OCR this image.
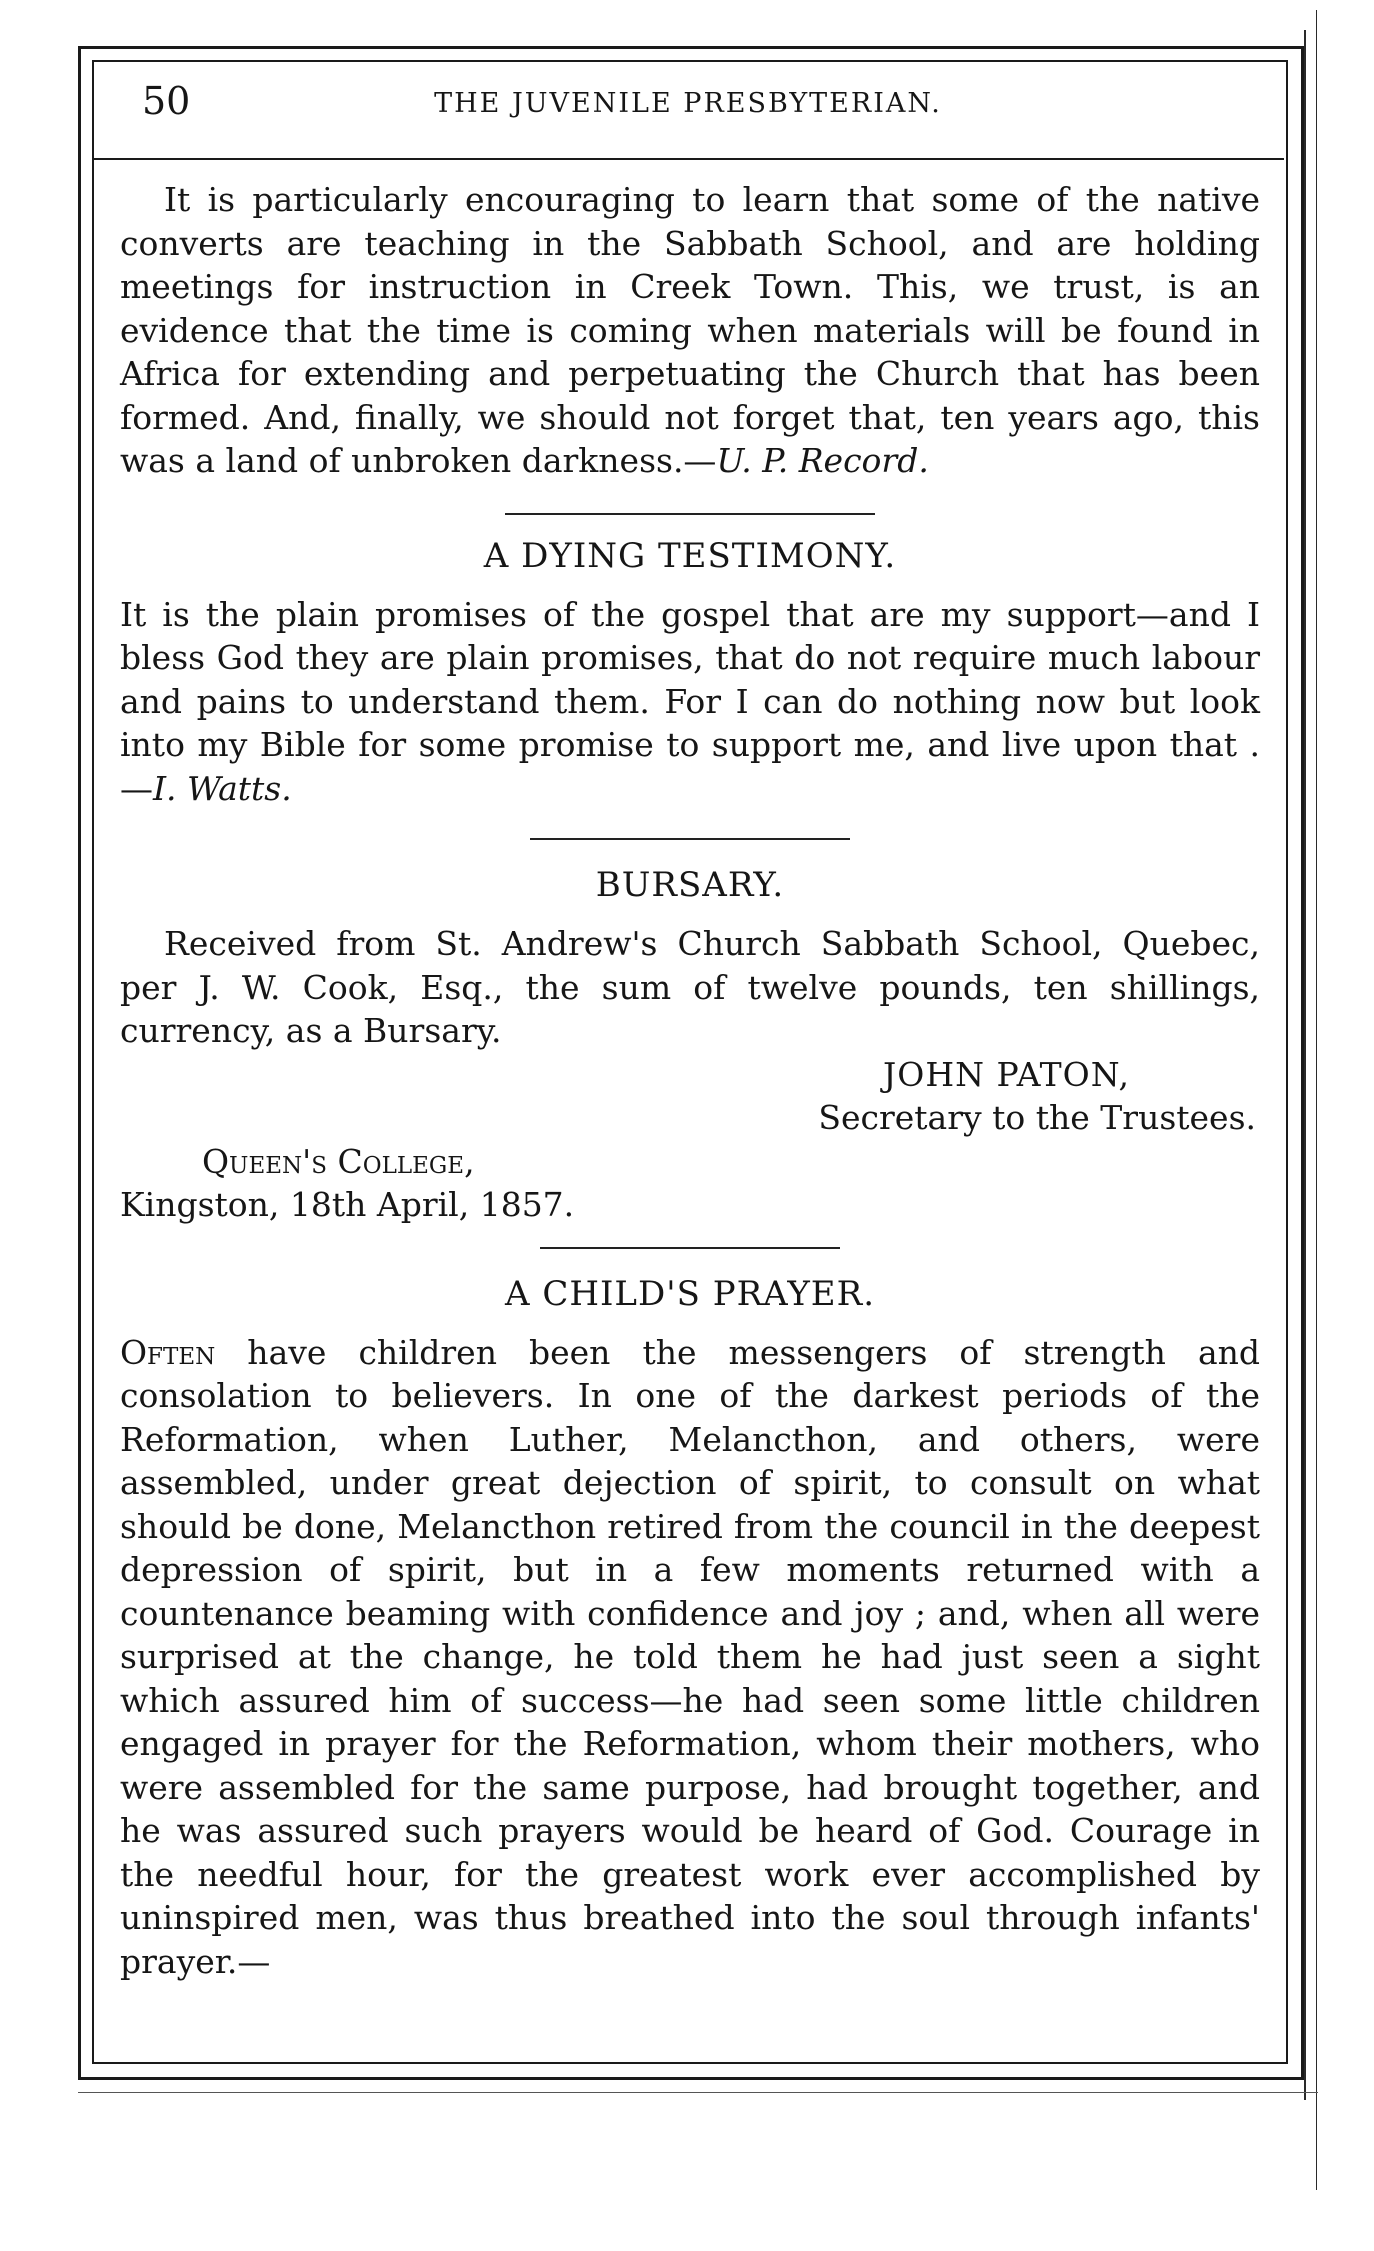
50	THE JUVENILE PRESBYTERIAN.

It is particularly encouraging to learn that some of the native converts are teaching in the Sabbath School, and are holding meetings for instruction in Creek Town. This, we trust, is an evidence that the time is coming when materials will be found in Africa for extending and perpetuating the Church that has been formed. And, finally, we should not forget that, ten years ago, this was a land of unbroken darkness.—U. P. Record.

A DYING TESTIMONY.

It is the plain promises of the gospel that are my support—and I bless God they are plain promises, that do not require much labour and pains to understand them. For I can do nothing now but look into my Bible for some promise to support me, and live upon that .—I. Watts.

BURSARY.

Received from St. Andrew's Church Sabbath School, Quebec, per J. W. Cook, Esq., the sum of twelve pounds, ten shillings, currency, as a Bursary.

JOHN PATON,
Secretary to the Trustees.
Queen's College,
Kingston, 18th April, 1857.

A CHILD'S PRAYER.

Often have children been the messengers of strength and consolation to believers. In one of the darkest periods of the Reformation, when Luther, Melancthon, and others, were assembled, under great dejection of spirit, to consult on what should be done, Melancthon retired from the council in the deepest depression of spirit, but in a few moments returned with a countenance beaming with confidence and joy ; and, when all were surprised at the change, he told them he had just seen a sight which assured him of success—he had seen some little children engaged in prayer for the Reformation, whom their mothers, who were assembled for the same purpose, had brought together, and he was assured such prayers would be heard of God. Courage in the needful hour, for the greatest work ever accomplished by uninspired men, was thus breathed into the soul through infants' prayer.—
